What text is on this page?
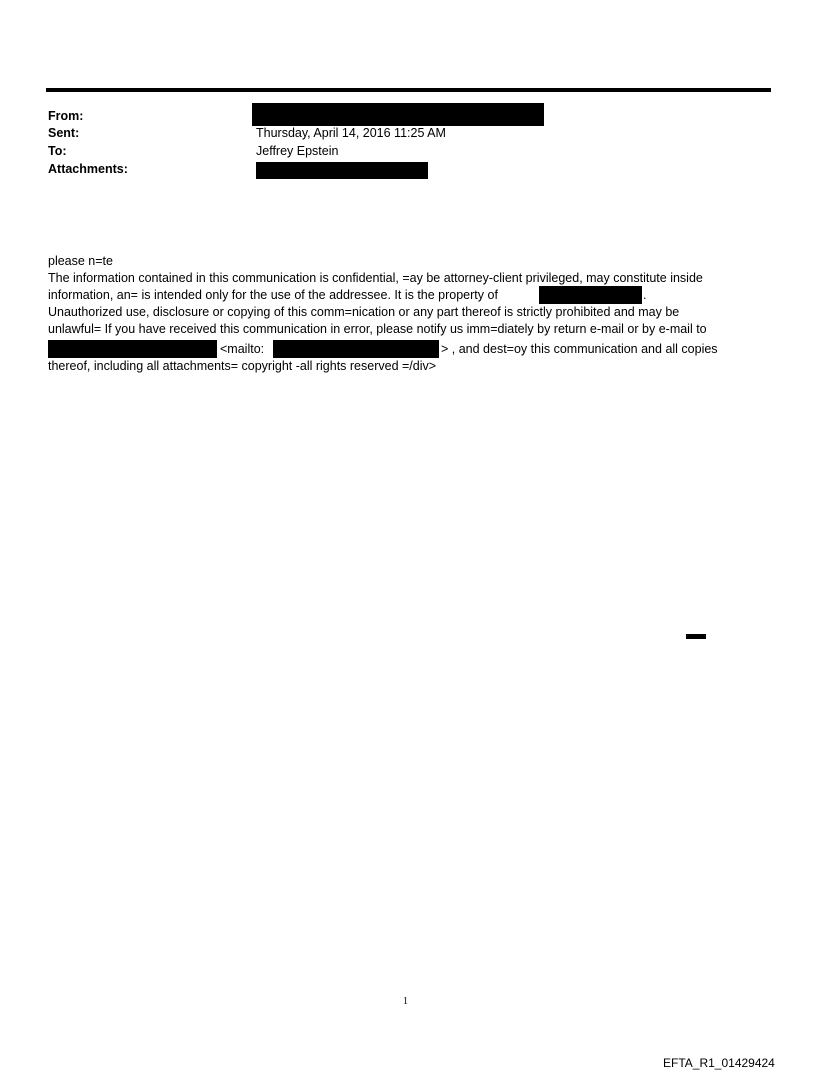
From:
Sent:	Thursday, April 14, 2016 11:25 AM
To:	Jeffrey Epstein
Attachments:
please n=te
The information contained in this communication is confidential, =ay be attorney-client privileged, may constitute inside
information, an= is intended only for the use of the addressee. It is the property of	.
Unauthorized use, disclosure or copying of this comm=nication or any part thereof is strictly prohibited and may be
unlawful= If you have received this communication in error, please notify us imm=diately by return e-mail or by e-mail to
<mailto:	> , and dest=oy this communication and all copies
thereof, including all attachments= copyright -all rights reserved =/div>
1
EFTA_R1_01429424
